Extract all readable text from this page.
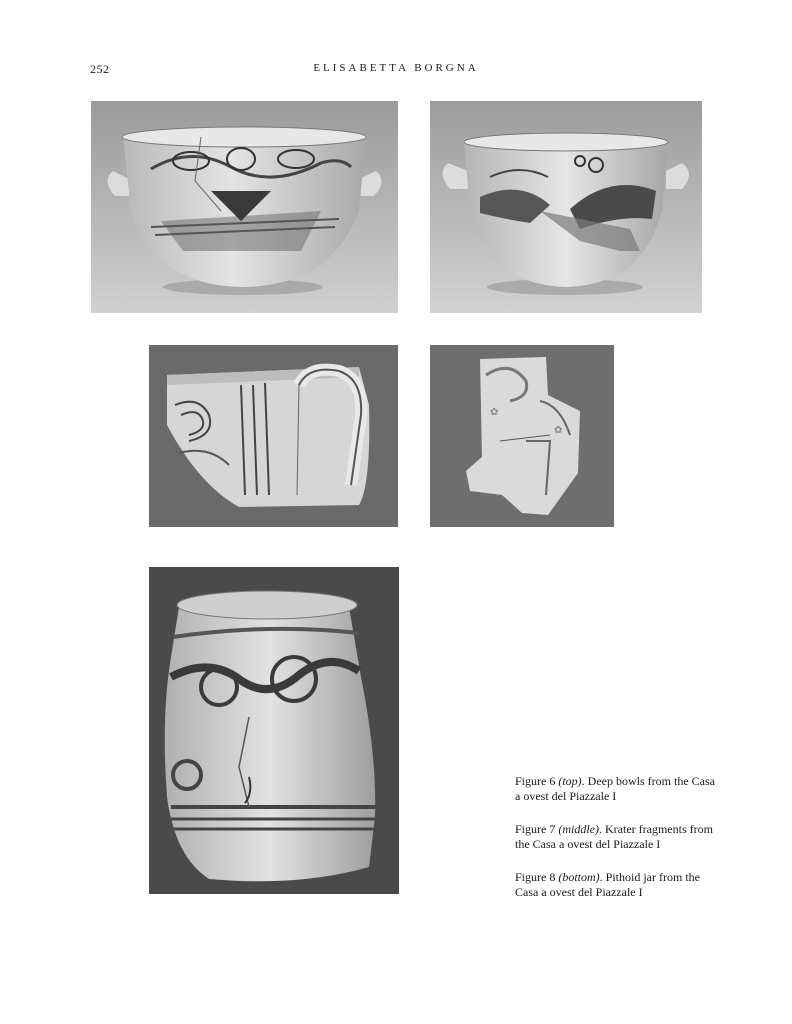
252	ELISABETTA BORGNA
✿
✿

Figure 6 (top). Deep bowls from the Casa a ovest del Piazzale I

Figure 7 (middle). Krater fragments from the Casa a ovest del Piazzale I

Figure 8 (bottom). Pithoid jar from the Casa a ovest del Piazzale I
